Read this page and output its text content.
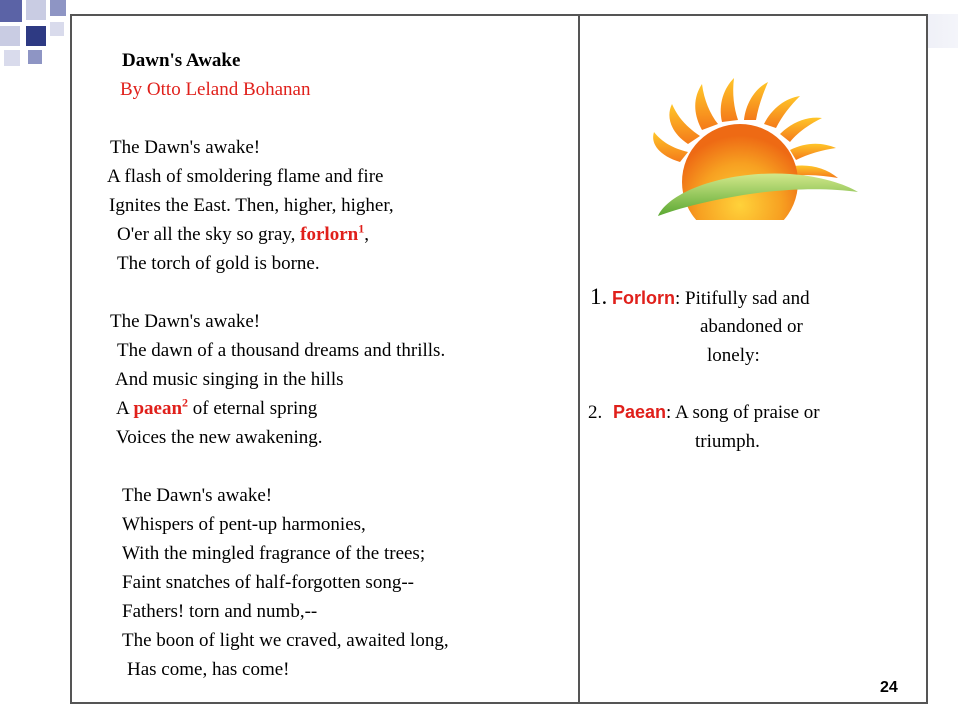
Dawn's Awake
By Otto Leland Bohanan
The Dawn's awake!
A flash of smoldering flame and fire
Ignites the East. Then, higher, higher,
O'er all the sky so gray, forlorn$^1$,
The torch of gold is borne.
The Dawn's awake!
The dawn of a thousand dreams and thrills.
And music singing in the hills
A paean$^2$ of eternal spring
Voices the new awakening.
The Dawn's awake!
Whispers of pent-up harmonies,
With the mingled fragrance of the trees;
Faint snatches of half-forgotten song--
Fathers! torn and numb,--
The boon of light we craved, awaited long,
Has come, has come!
1. Forlorn: Pitifully sad and
abandoned or
lonely:
2. Paean: A song of praise or
triumph.
24
